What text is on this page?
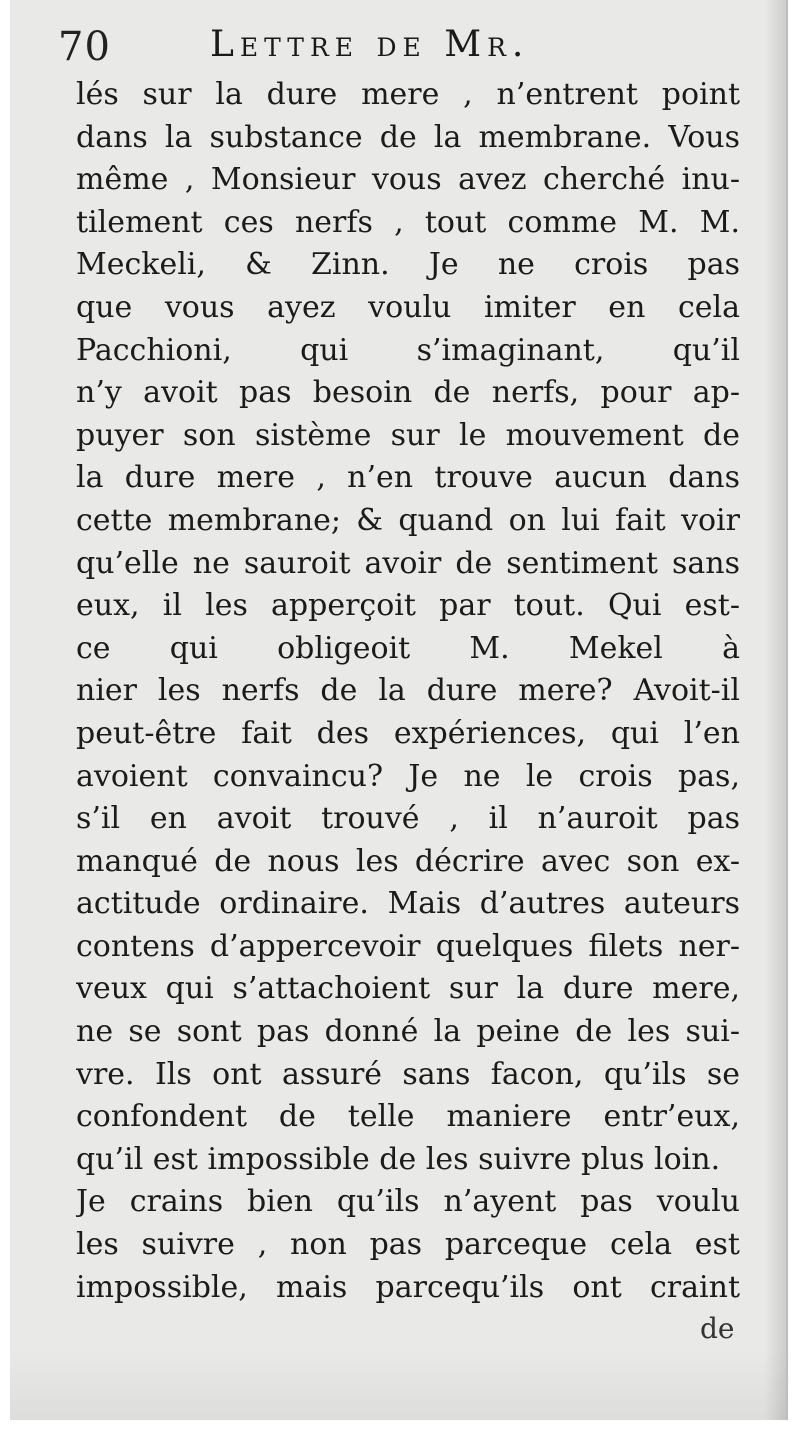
70	Lettre de Mr.
lés sur la dure mere , n’entrent point
dans la substance de la membrane. Vous
même , Monsieur vous avez cherché inu-
tilement ces nerfs , tout comme M. M.
Meckeli, & Zinn. Je ne crois pas
que vous ayez voulu imiter en cela
Pacchioni, qui s’imaginant, qu’il
n’y avoit pas besoin de nerfs, pour ap-
puyer son sistème sur le mouvement de
la dure mere , n’en trouve aucun dans
cette membrane; & quand on lui fait voir
qu’elle ne sauroit avoir de sentiment sans
eux, il les apperçoit par tout. Qui est-
ce qui obligeoit M. Mekel à
nier les nerfs de la dure mere? Avoit-il
peut-être fait des expériences, qui l’en
avoient convaincu? Je ne le crois pas,
s’il en avoit trouvé , il n’auroit pas
manqué de nous les décrire avec son ex-
actitude ordinaire. Mais d’autres auteurs
contens d’appercevoir quelques filets ner-
veux qui s’attachoient sur la dure mere,
ne se sont pas donné la peine de les sui-
vre. Ils ont assuré sans facon, qu’ils se
confondent de telle maniere entr’eux,
qu’il est impossible de les suivre plus loin.
Je crains bien qu’ils n’ayent pas voulu
les suivre , non pas parceque cela est
impossible, mais parcequ’ils ont craint
de
